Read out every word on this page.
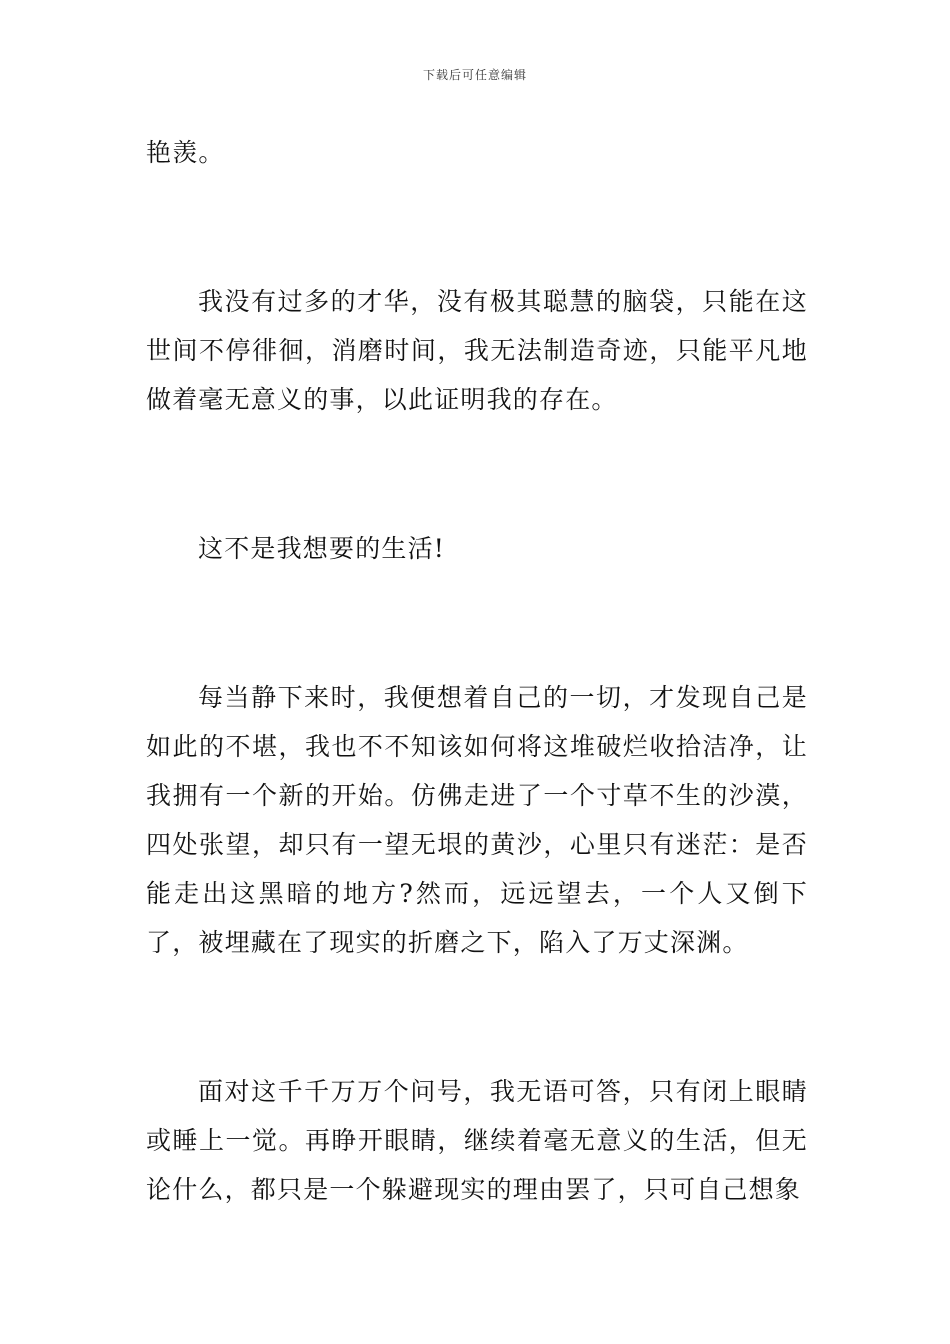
下载后可任意编辑

艳羡。

我没有过多的才华，没有极其聪慧的脑袋，只能在这世间不停徘徊，消磨时间，我无法制造奇迹，只能平凡地做着毫无意义的事，以此证明我的存在。

这不是我想要的生活!

每当静下来时，我便想着自己的一切，才发现自己是如此的不堪，我也不不知该如何将这堆破烂收拾洁净，让我拥有一个新的开始。仿佛走进了一个寸草不生的沙漠，四处张望，却只有一望无垠的黄沙，心里只有迷茫：是否能走出这黑暗的地方?然而，远远望去，一个人又倒下了，被埋藏在了现实的折磨之下，陷入了万丈深渊。

面对这千千万万个问号，我无语可答，只有闭上眼睛或睡上一觉。再睁开眼睛，继续着毫无意义的生活，但无论什么，都只是一个躲避现实的理由罢了，只可自己想象
